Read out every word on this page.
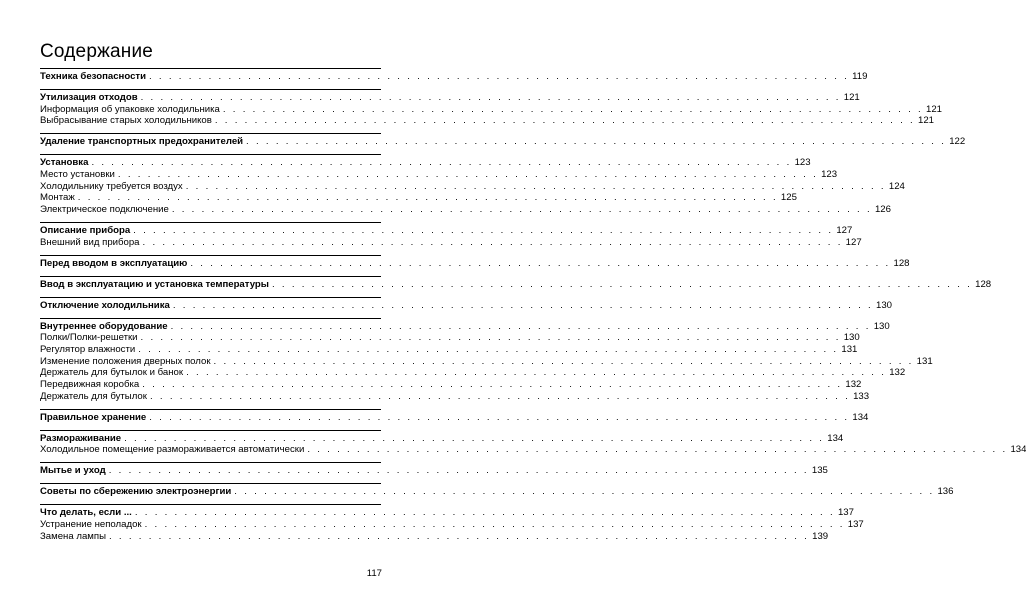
Содержание
Техника безопасности . . . . . . . . . . . . . . . . . . . . . . . . . . . . . . . . . . . . . . . . . . . . . . . . . . . . . . . . . . . . . . . . . . . . . . . 119
Утилизация отходов . . . . . . . . . . . . . . . . . . . . . . . . . . . . . . . . . . . . . . . . . . . . . . . . . . . . . . . . . . . . . . . . . . . . . . . 121
Информация об упаковке холодильника . . . . . . . . . . . . . . . . . . . . . . . . . . . . . . . . . . . . . . . . . . . . . . . . . . . . . . . . . . . . . . . . . . . . . . . 121
Выбрасывание старых холодильников . . . . . . . . . . . . . . . . . . . . . . . . . . . . . . . . . . . . . . . . . . . . . . . . . . . . . . . . . . . . . . . . . . . . . . . 121
Удаление транспортных предохранителей . . . . . . . . . . . . . . . . . . . . . . . . . . . . . . . . . . . . . . . . . . . . . . . . . . . . . . . . . . . . . . . . . . . . . . . 122
Установка . . . . . . . . . . . . . . . . . . . . . . . . . . . . . . . . . . . . . . . . . . . . . . . . . . . . . . . . . . . . . . . . . . . . . . . 123
Место установки . . . . . . . . . . . . . . . . . . . . . . . . . . . . . . . . . . . . . . . . . . . . . . . . . . . . . . . . . . . . . . . . . . . . . . . 123
Холодильнику требуется воздух . . . . . . . . . . . . . . . . . . . . . . . . . . . . . . . . . . . . . . . . . . . . . . . . . . . . . . . . . . . . . . . . . . . . . . . 124
Монтаж . . . . . . . . . . . . . . . . . . . . . . . . . . . . . . . . . . . . . . . . . . . . . . . . . . . . . . . . . . . . . . . . . . . . . . . 125
Электрическое подключение . . . . . . . . . . . . . . . . . . . . . . . . . . . . . . . . . . . . . . . . . . . . . . . . . . . . . . . . . . . . . . . . . . . . . . . 126
Описание прибора . . . . . . . . . . . . . . . . . . . . . . . . . . . . . . . . . . . . . . . . . . . . . . . . . . . . . . . . . . . . . . . . . . . . . . . 127
Внешний вид прибора . . . . . . . . . . . . . . . . . . . . . . . . . . . . . . . . . . . . . . . . . . . . . . . . . . . . . . . . . . . . . . . . . . . . . . . 127
Перед вводом в эксплуатацию . . . . . . . . . . . . . . . . . . . . . . . . . . . . . . . . . . . . . . . . . . . . . . . . . . . . . . . . . . . . . . . . . . . . . . . 128
Ввод в эксплуатацию и установка температуры . . . . . . . . . . . . . . . . . . . . . . . . . . . . . . . . . . . . . . . . . . . . . . . . . . . . . . . . . . . . . . . . . . . . . . . 128
Отключение холодильника . . . . . . . . . . . . . . . . . . . . . . . . . . . . . . . . . . . . . . . . . . . . . . . . . . . . . . . . . . . . . . . . . . . . . . . 130
Внутреннее оборудование . . . . . . . . . . . . . . . . . . . . . . . . . . . . . . . . . . . . . . . . . . . . . . . . . . . . . . . . . . . . . . . . . . . . . . . 130
Полки/Полки-решетки . . . . . . . . . . . . . . . . . . . . . . . . . . . . . . . . . . . . . . . . . . . . . . . . . . . . . . . . . . . . . . . . . . . . . . . 130
Регулятор влажности . . . . . . . . . . . . . . . . . . . . . . . . . . . . . . . . . . . . . . . . . . . . . . . . . . . . . . . . . . . . . . . . . . . . . . . 131
Изменение положения дверных полок . . . . . . . . . . . . . . . . . . . . . . . . . . . . . . . . . . . . . . . . . . . . . . . . . . . . . . . . . . . . . . . . . . . . . . . 131
Держатель для бутылок и банок . . . . . . . . . . . . . . . . . . . . . . . . . . . . . . . . . . . . . . . . . . . . . . . . . . . . . . . . . . . . . . . . . . . . . . . 132
Передвижная коробка . . . . . . . . . . . . . . . . . . . . . . . . . . . . . . . . . . . . . . . . . . . . . . . . . . . . . . . . . . . . . . . . . . . . . . . 132
Держатель для бутылок . . . . . . . . . . . . . . . . . . . . . . . . . . . . . . . . . . . . . . . . . . . . . . . . . . . . . . . . . . . . . . . . . . . . . . . 133
Правильное хранение . . . . . . . . . . . . . . . . . . . . . . . . . . . . . . . . . . . . . . . . . . . . . . . . . . . . . . . . . . . . . . . . . . . . . . . 134
Размораживание . . . . . . . . . . . . . . . . . . . . . . . . . . . . . . . . . . . . . . . . . . . . . . . . . . . . . . . . . . . . . . . . . . . . . . . 134
Холодильное помещение размораживается автоматически . . . . . . . . . . . . . . . . . . . . . . . . . . . . . . . . . . . . . . . . . . . . . . . . . . . . . . . . . . . . . . . . . . . . . . . 134
Мытье и уход . . . . . . . . . . . . . . . . . . . . . . . . . . . . . . . . . . . . . . . . . . . . . . . . . . . . . . . . . . . . . . . . . . . . . . . 135
Советы по сбережению электроэнергии . . . . . . . . . . . . . . . . . . . . . . . . . . . . . . . . . . . . . . . . . . . . . . . . . . . . . . . . . . . . . . . . . . . . . . . 136
Что делать, если ... . . . . . . . . . . . . . . . . . . . . . . . . . . . . . . . . . . . . . . . . . . . . . . . . . . . . . . . . . . . . . . . . . . . . . . . 137
Устранение неполадок . . . . . . . . . . . . . . . . . . . . . . . . . . . . . . . . . . . . . . . . . . . . . . . . . . . . . . . . . . . . . . . . . . . . . . . 137
Замена лампы . . . . . . . . . . . . . . . . . . . . . . . . . . . . . . . . . . . . . . . . . . . . . . . . . . . . . . . . . . . . . . . . . . . . . . . 139
117
